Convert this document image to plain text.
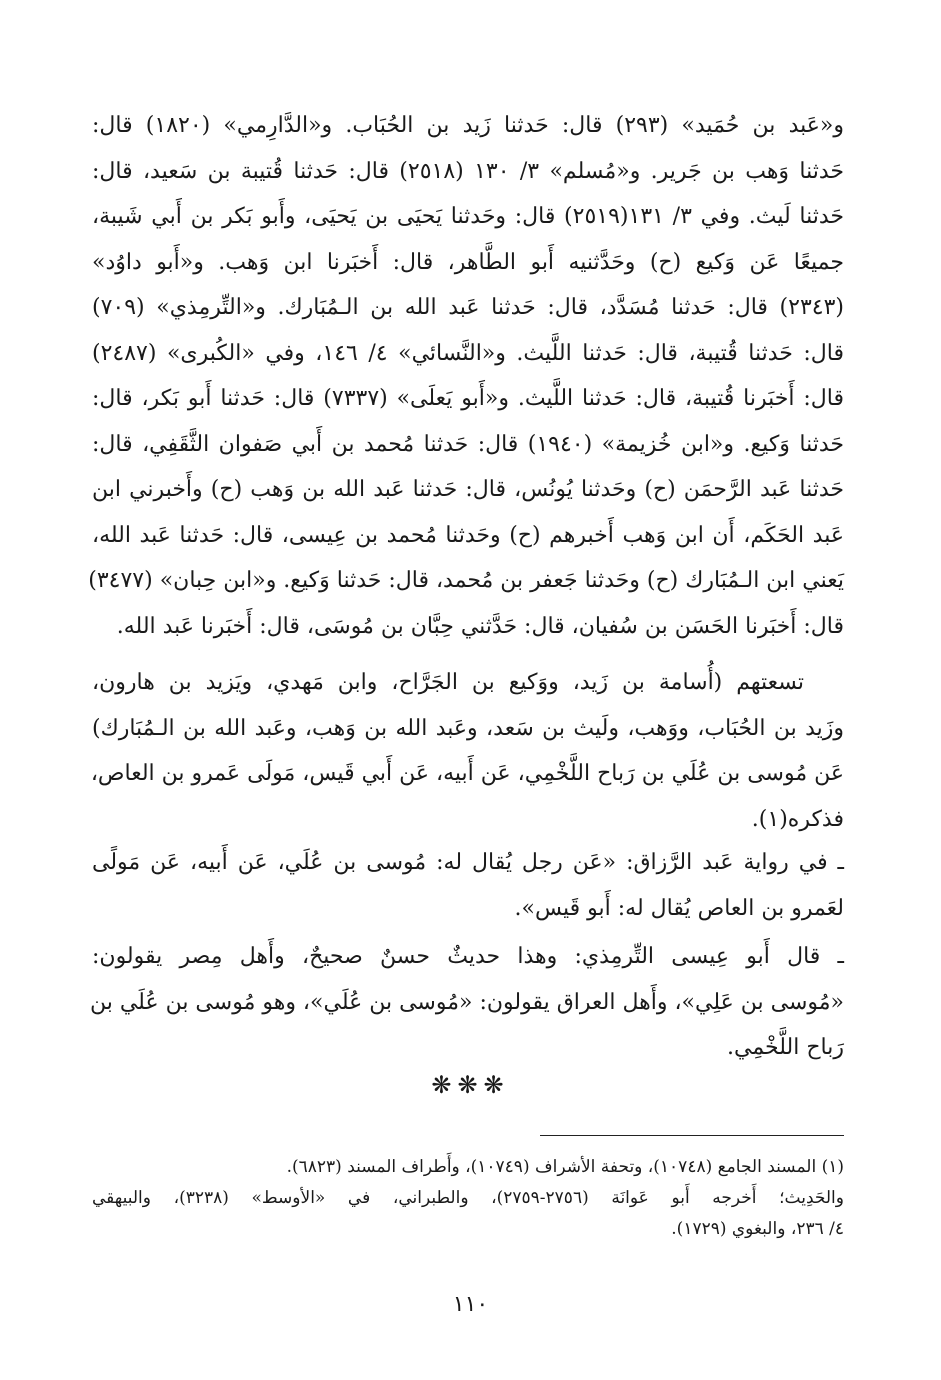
و«عَبد بن حُمَيد» (٢٩٣) قال: حَدثنا زَيد بن الحُبَاب. و«الدَّارِمي» (١٨٢٠) قال:
حَدثنا وَهب بن جَرير. و«مُسلم» ٣/ ١٣٠ (٢٥١٨) قال: حَدثنا قُتيبة بن سَعيد، قال:
حَدثنا لَيث. وفي ٣/ ١٣١(٢٥١٩) قال: وحَدثنا يَحيَى بن يَحيَى، وأَبو بَكر بن أَبي شَيبة،
جميعًا عَن وَكيع (ح) وحَدَّثنيه أَبو الطَّاهر، قال: أَخبَرنا ابن وَهب. و«أَبو داوُد»
(٢٣٤٣) قال: حَدثنا مُسَدَّد، قال: حَدثنا عَبد الله بن الـمُبَارك. و«التِّرمِذي» (٧٠٩)
قال: حَدثنا قُتيبة، قال: حَدثنا اللَّيث. و«النَّسائي» ٤/ ١٤٦، وفي «الكُبرى» (٢٤٨٧)
قال: أَخبَرنا قُتيبة، قال: حَدثنا اللَّيث. و«أَبو يَعلَى» (٧٣٣٧) قال: حَدثنا أَبو بَكر، قال:
حَدثنا وَكيع. و«ابن خُزيمة» (١٩٤٠) قال: حَدثنا مُحمد بن أَبي صَفوان الثَّقَفِي، قال:
حَدثنا عَبد الرَّحمَن (ح) وحَدثنا يُونُس، قال: حَدثنا عَبد الله بن وَهب (ح) وأَخبرني ابن
عَبد الحَكَم، أَن ابن وَهب أَخبرهم (ح) وحَدثنا مُحمد بن عِيسى، قال: حَدثنا عَبد الله،
يَعني ابن الـمُبَارك (ح) وحَدثنا جَعفر بن مُحمد، قال: حَدثنا وَكيع. و«ابن حِبان» (٣٤٧٧)
قال: أَخبَرنا الحَسَن بن سُفيان، قال: حَدَّثني حِبَّان بن مُوسَى، قال: أَخبَرنا عَبد الله.
تسعتهم (أُسامة بن زَيد، ووَكيع بن الجَرَّاح، وابن مَهدي، ويَزيد بن هارون،
وزَيد بن الحُبَاب، ووَهب، ولَيث بن سَعد، وعَبد الله بن وَهب، وعَبد الله بن الـمُبَارك)
عَن مُوسى بن عُلَي بن رَباح اللَّخْمِي، عَن أَبيه، عَن أَبي قَيس، مَولَى عَمرو بن العاص،
فذكره(١).
ـ في رواية عَبد الرَّزاق: «عَن رجل يُقال له: مُوسى بن عُلَي، عَن أَبيه، عَن مَولًى
لعَمرو بن العاص يُقال له: أَبو قَيس».
ـ قال أَبو عِيسى التِّرمِذي: وهذا حديثٌ حسنٌ صحيحٌ، وأَهل مِصر يقولون:
«مُوسى بن عَلِي»، وأَهل العراق يقولون: «مُوسى بن عُلَي»، وهو مُوسى بن عُلَي بن
رَباح اللَّخْمِي.
❋❋❋
(١) المسند الجامع (١٠٧٤٨)، وتحفة الأشراف (١٠٧٤٩)، وأَطراف المسند (٦٨٢٣).
والحَدِيث؛ أَخرجه أَبو عَوانَة (٢٧٥٦-٢٧٥٩)، والطبراني، في «الأوسط» (٣٢٣٨)، والبيهقي
٤/ ٢٣٦، والبغوي (١٧٢٩).
١١٠
